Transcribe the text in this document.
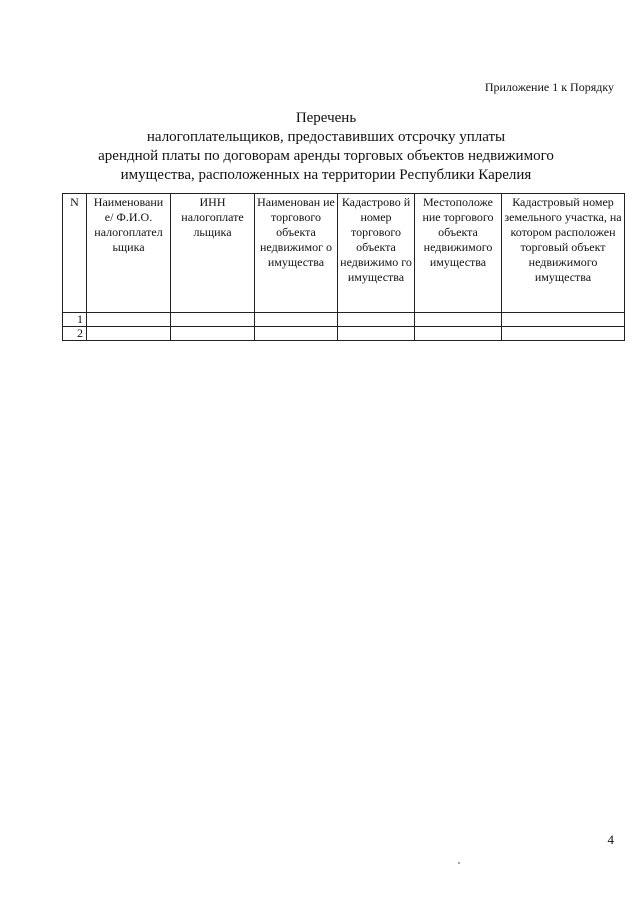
Приложение 1 к Порядку
Перечень
налогоплательщиков, предоставивших отсрочку уплаты
арендной платы по договорам аренды торговых объектов недвижимого
имущества, расположенных на территории Республики Карелия
N	Наименовани е/ Ф.И.О. налогоплател ьщика	ИНН налогоплате льщика	Наименован ие торгового объекта недвижимог о имущества	Кадастрово й номер торгового объекта недвижимо го имущества	Местоположе ние торгового объекта недвижимого имущества	Кадастровый номер земельного участка, на котором расположен торговый объект недвижимого имущества
1						
2						
4
